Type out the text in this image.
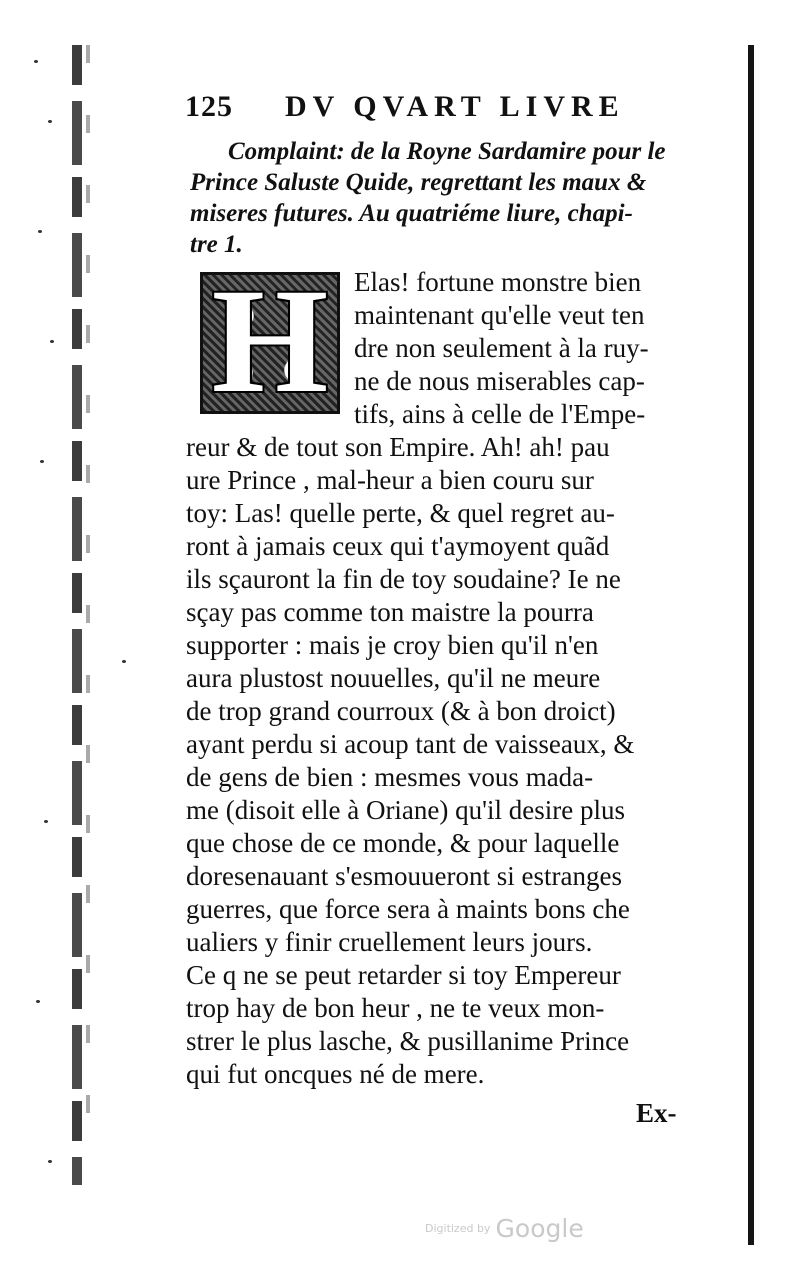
125 DV QVART LIVRE
Complaint: de la Royne Sardamire pour le
Prince Saluste Quide, regrettant les maux &
miseres futures. Au quatriéme liure, chapi-
tre 1.
H Elas! fortune monstre bien
maintenant qu'elle veut ten
dre non seulement à la ruy-
ne de nous miserables cap-
tifs, ains à celle de l'Empe-
reur & de tout son Empire. Ah! ah! pau
ure Prince , mal-heur a bien couru sur
toy: Las! quelle perte, & quel regret au-
ront à jamais ceux qui t'aymoyent quãd
ils sçauront la fin de toy soudaine? Ie ne
sçay pas comme ton maistre la pourra
supporter : mais je croy bien qu'il n'en
aura plustost nouuelles, qu'il ne meure
de trop grand courroux (& à bon droict)
ayant perdu si acoup tant de vaisseaux, &
de gens de bien : mesmes vous mada-
me (disoit elle à Oriane) qu'il desire plus
que chose de ce monde, & pour laquelle
doresenauant s'esmouueront si estranges
guerres, que force sera à maints bons che
ualiers y finir cruellement leurs jours.
Ce q ne se peut retarder si toy Empereur
trop hay de bon heur , ne te veux mon-
strer le plus lasche, & pusillanime Prince
qui fut oncques né de mere.
Ex-
Digitized by Google
